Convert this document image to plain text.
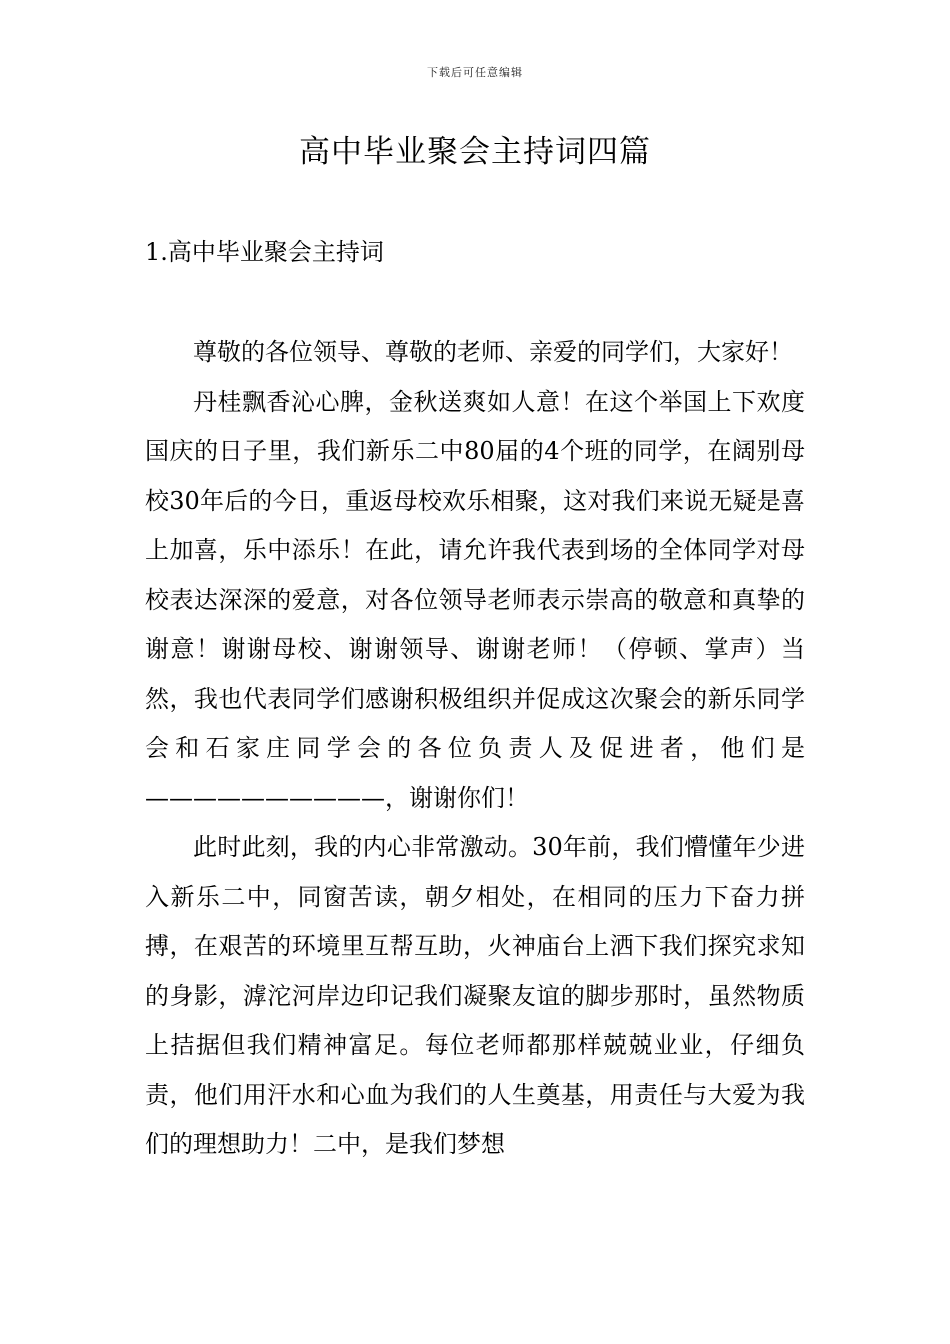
下载后可任意编辑
高中毕业聚会主持词四篇
1.高中毕业聚会主持词

尊敬的各位领导、尊敬的老师、亲爱的同学们，大家好！

丹桂飘香沁心脾，金秋送爽如人意！在这个举国上下欢度国庆的日子里，我们新乐二中80届的4个班的同学，在阔别母校30年后的今日，重返母校欢乐相聚，这对我们来说无疑是喜上加喜，乐中添乐！在此，请允许我代表到场的全体同学对母校表达深深的爱意，对各位领导老师表示崇高的敬意和真挚的谢意！谢谢母校、谢谢领导、谢谢老师！（停顿、掌声）当然，我也代表同学们感谢积极组织并促成这次聚会的新乐同学会和石家庄同学会的各位负责人及促进者，他们是——————————，谢谢你们！

此时此刻，我的内心非常激动。30年前，我们懵懂年少进入新乐二中，同窗苦读，朝夕相处，在相同的压力下奋力拼搏，在艰苦的环境里互帮互助，火神庙台上洒下我们探究求知的身影，滹沱河岸边印记我们凝聚友谊的脚步那时，虽然物质上拮据但我们精神富足。每位老师都那样兢兢业业，仔细负责，他们用汗水和心血为我们的人生奠基，用责任与大爱为我们的理想助力！二中，是我们梦想
